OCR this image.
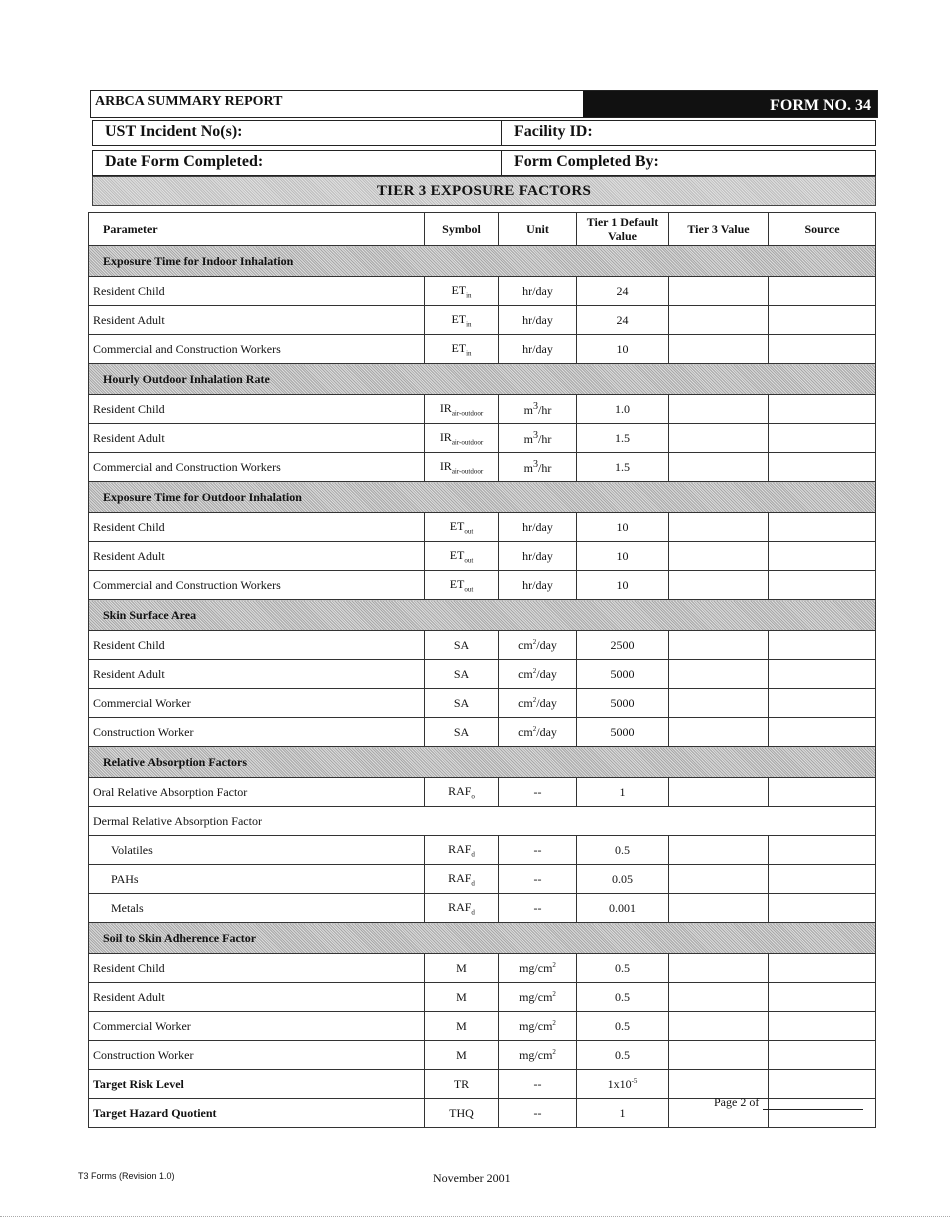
ARBCA SUMMARY REPORT	FORM NO. 34
UST Incident No(s):	Facility ID:
Date Form Completed:	Form Completed By:
TIER 3 EXPOSURE FACTORS
Parameter	Symbol	Unit	Tier 1 Default Value	Tier 3 Value	Source
Exposure Time for Indoor Inhalation					
Resident Child	$ET_{in}$	hr/day	24		
Resident Adult	$ET_{in}$	hr/day	24		
Commercial and Construction Workers	$ET_{in}$	hr/day	10		
Hourly Outdoor Inhalation Rate					
Resident Child	$IR_{air-outdoor}$	$m^3/hr$	1.0		
Resident Adult	$IR_{air-outdoor}$	$m^3/hr$	1.5		
Commercial and Construction Workers	$IR_{air-outdoor}$	$m^3/hr$	1.5		
Exposure Time for Outdoor Inhalation					
Resident Child	$ET_{out}$	hr/day	10		
Resident Adult	$ET_{out}$	hr/day	10		
Commercial and Construction Workers	$ET_{out}$	hr/day	10		
Skin Surface Area					
Resident Child	SA	$cm^2$/day	2500		
Resident Adult	SA	$cm^2$/day	5000		
Commercial Worker	SA	$cm^2$/day	5000		
Construction Worker	SA	$cm^2$/day	5000		
Relative Absorption Factors					
Oral Relative Absorption Factor	$RAF_o$	--	1		
Dermal Relative Absorption Factor					
Volatiles	$RAF_d$	--	0.5		
PAHs	$RAF_d$	--	0.05		
Metals	$RAF_d$	--	0.001		
Soil to Skin Adherence Factor					
Resident Child	M	$mg/cm^2$	0.5		
Resident Adult	M	$mg/cm^2$	0.5		
Commercial Worker	M	$mg/cm^2$	0.5		
Construction Worker	M	$mg/cm^2$	0.5		
Target Risk Level	TR	--	$1x10^{-5}$		
Target Hazard Quotient	THQ	--	1		
Page 2 of
T3 Forms (Revision 1.0)	November 2001
